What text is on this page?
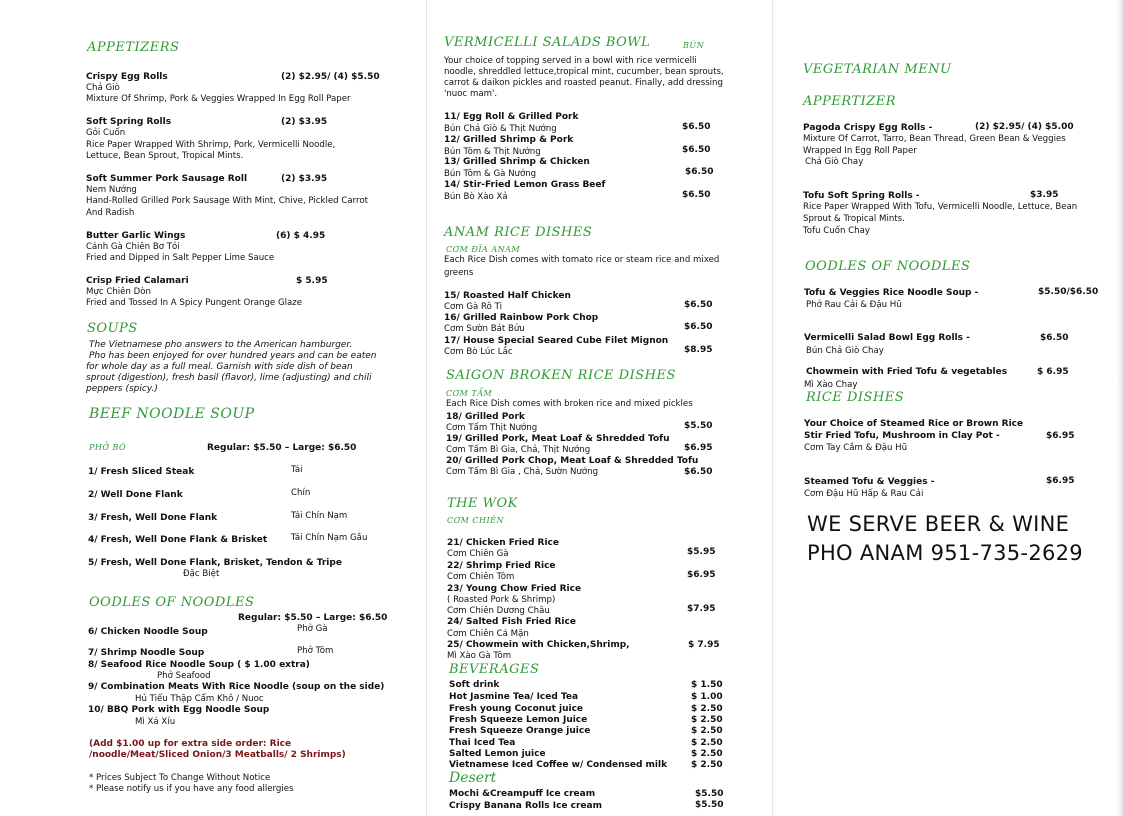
APPETIZERS
Crispy Egg Rolls	(2) $2.95/ (4) $5.50
Chả Giò
Soft Spring Rolls	(2) $3.95
Gỏi Cuốn
Soft Summer Pork Sausage Roll	(2) $3.95
Nem Nướng
Butter Garlic Wings	(6) $ 4.95
Cánh Gà Chiên Bơ Tỏi
Crisp Fried Calamari	$ 5.95
Mực Chiên Dòn
Mixture Of Shrimp, Pork & Veggies Wrapped In Egg Roll Paper
Rice Paper Wrapped With Shrimp, Pork, Vermicelli Noodle,
Lettuce, Bean Sprout, Tropical Mints.
Hand-Rolled Grilled Pork Sausage With Mint, Chive, Pickled Carrot
And Radish
Fried and Dipped in Salt Pepper Lime Sauce
Fried and Tossed In A Spicy Pungent Orange Glaze
SOUPS
The Vietnamese pho answers to the American hamburger.
Pho has been enjoyed for over hundred years and can be eaten
for whole day as a full meal. Garnish with side dish of bean
sprout (digestion), fresh basil (flavor), lime (adjusting) and chili
peppers (spicy.)
BEEF NOODLE SOUP
PHỞ BÒ	Regular: $5.50 – Large: $6.50
1/ Fresh Sliced Steak	Tái
2/ Well Done Flank	Chín
3/ Fresh, Well Done Flank	Tái Chín Nạm
4/ Fresh, Well Done Flank & Brisket	Tái Chín Nạm Gầu
5/ Fresh, Well Done Flank, Brisket, Tendon & Tripe
Đặc Biệt
OODLES OF NOODLES
Regular: $5.50 – Large: $6.50
6/ Chicken Noodle Soup	Phở Gà
7/ Shrimp Noodle Soup	Phở Tôm
8/ Seafood Rice Noodle Soup ( $ 1.00 extra)
Phở Seafood
9/ Combination Meats With Rice Noodle (soup on the side)
Hủ Tiếu Thập Cẩm Khô / Nuoc
10/ BBQ Pork with Egg Noodle Soup
Mì Xá Xíu
(Add $1.00 up for extra side order: Rice
/noodle/Meat/Sliced Onion/3 Meatballs/ 2 Shrimps)
* Prices Subject To Change Without Notice
* Please notify us if you have any food allergies
VERMICELLI SALADS BOWL	BÚN
Your choice of topping served in a bowl with rice vermicelli
noodle, shreddled lettuce,tropical mint, cucumber, bean sprouts,
carrot & daikon pickles and roasted peanut. Finally, add dressing
'nuoc mam'.
11/ Egg Roll & Grilled Pork
Bún Chả Giò & Thịt Nướng	$6.50
12/ Grilled Shrimp & Pork
Bún Tôm & Thịt Nướng	$6.50
13/ Grilled Shrimp & Chicken
Bún Tôm & Gà Nướng	$6.50
14/ Stir-Fried Lemon Grass Beef
Bún Bò Xào Xả	$6.50
ANAM RICE DISHES
CƠM ĐĨA ANAM
Each Rice Dish comes with tomato rice or steam rice and mixed
greens
15/ Roasted Half Chicken
Cơm Gà Rô Ti	$6.50
16/ Grilled Rainbow Pork Chop
Cơm Sườn Bát Bửu	$6.50
17/ House Special Seared Cube Filet Mignon
Cơm Bò Lúc Lắc	$8.95
SAIGON BROKEN RICE DISHES
CƠM TẤM
Each Rice Dish comes with broken rice and mixed pickles
18/ Grilled Pork
Cơm Tấm Thịt Nướng	$5.50
19/ Grilled Pork, Meat Loaf & Shredded Tofu
Cơm Tấm Bì Gia, Chả, Thịt Nướng	$6.95
20/ Grilled Pork Chop, Meat Loaf & Shredded Tofu
Cơm Tấm Bì Gia , Chả, Sườn Nướng	$6.50
THE WOK
CƠM CHIÊN
21/ Chicken Fried Rice
Cơm Chiên Gà	$5.95
22/ Shrimp Fried Rice
Cơm Chiên Tôm	$6.95
23/ Young Chow Fried Rice
( Roasted Pork & Shrimp)
Cơm Chiên Dương Châu	$7.95
24/ Salted Fish Fried Rice
Cơm Chiên Cá Mặn
25/ Chowmein with Chicken,Shrimp,	$ 7.95
Mì Xào Gà Tôm
BEVERAGES
Soft drink	$ 1.50
Hot Jasmine Tea/ Iced Tea	$ 1.00
Fresh young Coconut juice	$ 2.50
Fresh Squeeze Lemon Juice	$ 2.50
Fresh Squeeze Orange juice	$ 2.50
Thai Iced Tea	$ 2.50
Salted Lemon juice	$ 2.50
Vietnamese Iced Coffee w/ Condensed milk	$ 2.50
Desert
Mochi &Creampuff Ice cream	$5.50
Crispy Banana Rolls Ice cream	$5.50
VEGETARIAN MENU
APPERTIZER
Pagoda Crispy Egg Rolls -	(2) $2.95/ (4) $5.00
Mixture Of Carrot, Tarro, Bean Thread, Green Bean & Veggies
Wrapped In Egg Roll Paper
Chả Giò Chay
Tofu Soft Spring Rolls -	$3.95
Rice Paper Wrapped With Tofu, Vermicelli Noodle, Lettuce, Bean
Sprout & Tropical Mints.
Tofu Cuốn Chay
OODLES OF NOODLES
Tofu & Veggies Rice Noodle Soup -	$5.50/$6.50
Phở Rau Cải & Đậu Hũ
Vermicelli Salad Bowl Egg Rolls -	$6.50
Bún Chả Giò Chay
Chowmein with Fried Tofu & vegetables	$ 6.95
Mì Xào Chay
RICE DISHES
Your Choice of Steamed Rice or Brown Rice
Stir Fried Tofu, Mushroom in Clay Pot -	$6.95
Cơm Tay Cầm & Đậu Hũ
Steamed Tofu & Veggies -	$6.95
Cơm Đậu Hũ Hấp & Rau Cải
WE SERVE BEER & WINE
PHO ANAM 951-735-2629
